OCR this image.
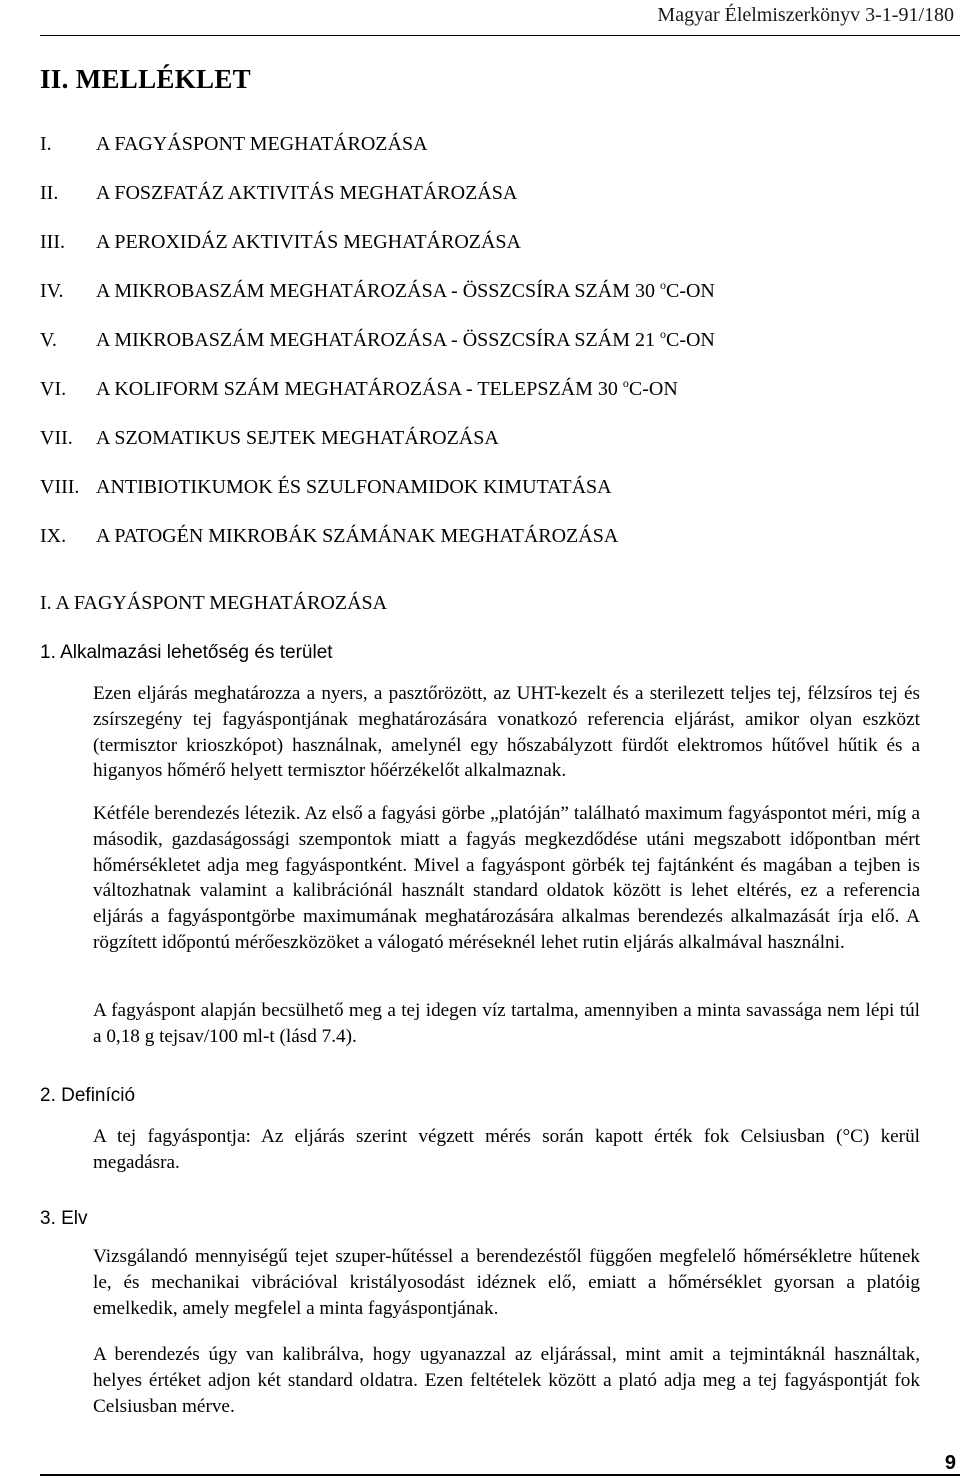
Magyar Élelmiszerkönyv 3-1-91/180
II. MELLÉKLET
I. A FAGYÁSPONT MEGHATÁROZÁSA
II. A FOSZFATÁZ AKTIVITÁS MEGHATÁROZÁSA
III. A PEROXIDÁZ AKTIVITÁS MEGHATÁROZÁSA
IV. A MIKROBASZÁM MEGHATÁROZÁSA - ÖSSZCSÍRA SZÁM 30 $^o$C-ON
V. A MIKROBASZÁM MEGHATÁROZÁSA - ÖSSZCSÍRA SZÁM 21 $^o$C-ON
VI. A KOLIFORM SZÁM MEGHATÁROZÁSA - TELEPSZÁM 30 $^o$C-ON
VII. A SZOMATIKUS SEJTEK MEGHATÁROZÁSA
VIII. ANTIBIOTIKUMOK ÉS SZULFONAMIDOK KIMUTATÁSA
IX. A PATOGÉN MIKROBÁK SZÁMÁNAK MEGHATÁROZÁSA
I. A FAGYÁSPONT MEGHATÁROZÁSA
1. Alkalmazási lehetőség és terület

Ezen eljárás meghatározza a nyers, a pasztőrözött, az UHT-kezelt és a sterilezett teljes tej, félzsíros tej és zsírszegény tej fagyáspontjának meghatározására vonatkozó referencia eljárást, amikor olyan eszközt (termisztor krioszkópot) használnak, amelynél egy hőszabályzott fürdőt elektromos hűtővel hűtik és a higanyos hőmérő helyett termisztor hőérzékelőt alkalmaznak.

Kétféle berendezés létezik. Az első a fagyási görbe „platóján” található maximum fagyáspontot méri, míg a második, gazdaságossági szempontok miatt a fagyás megkezdődése utáni megszabott időpontban mért hőmérsékletet adja meg fagyáspontként. Mivel a fagyáspont görbék tej fajtánként és magában a tejben is változhatnak valamint a kalibrációnál használt standard oldatok között is lehet eltérés, ez a referencia eljárás a fagyáspontgörbe maximumának meghatározására alkalmas berendezés alkalmazását írja elő. A rögzített időpontú mérőeszközöket a válogató méréseknél lehet rutin eljárás alkalmával használni.

A fagyáspont alapján becsülhető meg a tej idegen víz tartalma, amennyiben a minta savassága nem lépi túl a 0,18 g tejsav/100 ml-t (lásd 7.4).

2. Definíció

A tej fagyáspontja: Az eljárás szerint végzett mérés során kapott érték fok Celsiusban (°C) kerül megadásra.

3. Elv

Vizsgálandó mennyiségű tejet szuper-hűtéssel a berendezéstől függően megfelelő hőmérsékletre hűtenek le, és mechanikai vibrációval kristályosodást idéznek elő, emiatt a hőmérséklet gyorsan a platóig emelkedik, amely megfelel a minta fagyáspontjának.

A berendezés úgy van kalibrálva, hogy ugyanazzal az eljárással, mint amit a tejmintáknál használtak, helyes értéket adjon két standard oldatra. Ezen feltételek között a plató adja meg a tej fagyáspontját fok Celsiusban mérve.

9
